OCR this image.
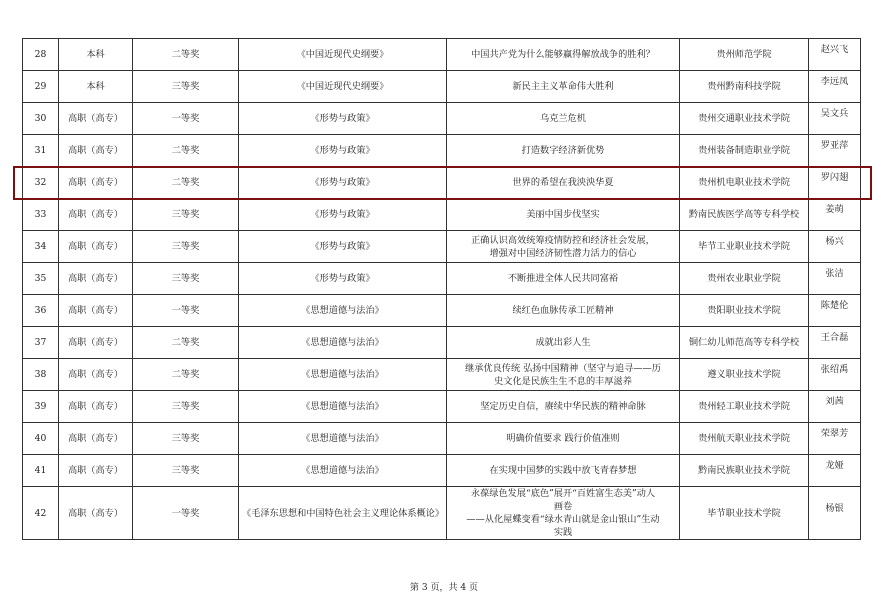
28	本科	二等奖	《中国近现代史纲要》	中国共产党为什么能够赢得解放战争的胜利？	贵州师范学院	赵兴飞
29	本科	三等奖	《中国近现代史纲要》	新民主主义革命伟大胜利	贵州黔南科技学院	李远凤
30	高职（高专）	一等奖	《形势与政策》	乌克兰危机	贵州交通职业技术学院	吴文兵
31	高职（高专）	二等奖	《形势与政策》	打造数字经济新优势	贵州装备制造职业学院	罗亚萍
32	高职（高专）	二等奖	《形势与政策》	世界的希望在我泱泱华夏	贵州机电职业技术学院	罗闪翅
33	高职（高专）	三等奖	《形势与政策》	美丽中国步伐坚实	黔南民族医学高等专科学校	姜萌
34	高职（高专）	三等奖	《形势与政策》	正确认识高效统筹疫情防控和经济社会发展，
增强对中国经济韧性潜力活力的信心	毕节工业职业技术学院	杨兴
35	高职（高专）	三等奖	《形势与政策》	不断推进全体人民共同富裕	贵州农业职业学院	张洁
36	高职（高专）	一等奖	《思想道德与法治》	续红色血脉传承工匠精神	贵阳职业技术学院	陈楚伦
37	高职（高专）	二等奖	《思想道德与法治》	成就出彩人生	铜仁幼儿师范高等专科学校	王合磊
38	高职（高专）	二等奖	《思想道德与法治》	继承优良传统 弘扬中国精神（坚守与追寻——历
史文化是民族生生不息的丰厚滋养	遵义职业技术学院	张绍禹
39	高职（高专）	三等奖	《思想道德与法治》	坚定历史自信，赓续中华民族的精神命脉	贵州轻工职业技术学院	刘茜
40	高职（高专）	三等奖	《思想道德与法治》	明确价值要求 践行价值准则	贵州航天职业技术学院	荣翠芳
41	高职（高专）	三等奖	《思想道德与法治》	在实现中国梦的实践中放飞青春梦想	黔南民族职业技术学院	龙娅
42	高职（高专）	一等奖	《毛泽东思想和中国特色社会主义理论体系概论》	永葆绿色发展“底色”展开“百姓富生态美”动人
画卷
——从化屋蝶变看“绿水青山就是金山银山”生动
实践	毕节职业技术学院	杨银
第 3 页，共 4 页
